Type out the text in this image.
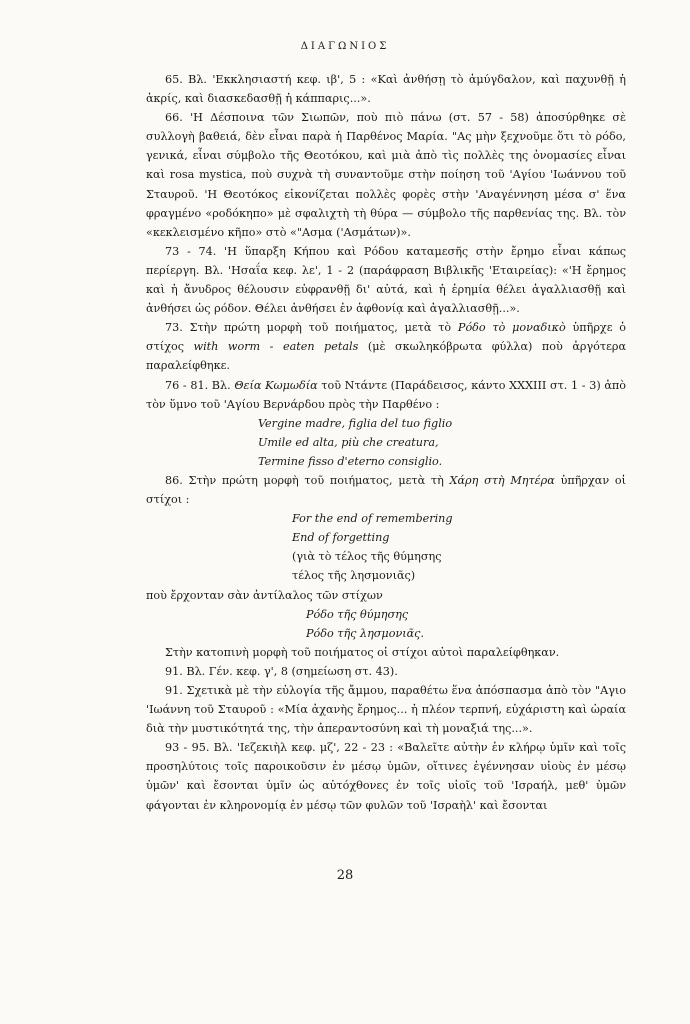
ΔΙΑΓΩΝΙΟΣ

65. Βλ. 'Εκκλησιαστή κεφ. ιβ', 5 : «Καὶ ἀνθήσῃ τὸ ἀμύγδαλον, καὶ παχυνθῇ ἡ ἀκρίς, καὶ διασκεδασθῇ ἡ κάππαρις...».

66. 'Η Δέσποινα τῶν Σιωπῶν, ποὺ πιὸ πάνω (στ. 57 - 58) ἀποσύρθηκε σὲ συλλογὴ βαθειά, δὲν εἶναι παρὰ ἡ Παρθένος Μαρία. "Ας μὴν ξεχνοῦμε ὅτι τὸ ρόδο, γενικά, εἶναι σύμβολο τῆς Θεοτόκου, καὶ μιὰ ἀπὸ τὶς πολλὲς της ὀνομασίες εἶναι καὶ rosa mystica, ποὺ συχνὰ τὴ συναντοῦμε στὴν ποίηση τοῦ 'Αγίου 'Ιωάννου τοῦ Σταυροῦ. 'Η Θεοτόκος εἰκονίζεται πολλὲς φορὲς στὴν 'Αναγέννηση μέσα σ' ἕνα φραγμένο «ροδόκηπο» μὲ σφαλιχτὴ τὴ θύρα — σύμβολο τῆς παρθενίας της. Βλ. τὸν «κεκλεισμένο κῆπο» στὸ «"Ασμα ('Ασμάτων)».

73 - 74. 'Η ὕπαρξη Κήπου καὶ Ρόδου καταμεσῆς στὴν ἔρημο εἶναι κάπως περίεργη. Βλ. 'Ησαΐα κεφ. λε', 1 - 2 (παράφραση Βιβλικῆς 'Εταιρείας): «'Η ἔρημος καὶ ἡ ἄνυδρος θέλουσιν εὐφρανθῇ δι' αὐτά, καὶ ἡ ἐρημία θέλει ἀγαλλιασθῇ καὶ ἀνθήσει ὡς ρόδον. Θέλει ἀνθήσει ἐν ἀφθονίᾳ καὶ ἀγαλλιασθῇ...».

73. Στὴν πρώτη μορφὴ τοῦ ποιήματος, μετὰ τὸ Ρόδο τὸ μοναδικὸ ὑπῆρχε ὁ στίχος with worm - eaten petals (μὲ σκωληκόβρωτα φύλλα) ποὺ ἀργότερα παραλείφθηκε.

76 - 81. Βλ. Θεία Κωμωδία τοῦ Ντάντε (Παράδεισος, κάντο XXXIII στ. 1 - 3) ἀπὸ τὸν ὕμνο τοῦ 'Αγίου Βερνάρδου πρὸς τὴν Παρθένο :

Vergine madre, figlia del tuo figlio

Umile ed alta, più che creatura,

Termine fisso d'eterno consiglio.

86. Στὴν πρώτη μορφὴ τοῦ ποιήματος, μετὰ τὴ Χάρη στὴ Μητέρα ὑπῆρχαν οἱ στίχοι :

For the end of remembering

End of forgetting

(γιὰ τὸ τέλος τῆς θύμησης

τέλος τῆς λησμονιᾶς)

ποὺ ἔρχονταν σὰν ἀντίλαλος τῶν στίχων

Ρόδο τῆς θύμησης

Ρόδο τῆς λησμονιᾶς.

Στὴν κατοπινὴ μορφὴ τοῦ ποιήματος οἱ στίχοι αὐτοὶ παραλείφθηκαν.

91. Βλ. Γέν. κεφ. γ', 8 (σημείωση στ. 43).

91. Σχετικὰ μὲ τὴν εὐλογία τῆς ἄμμου, παραθέτω ἕνα ἀπόσπασμα ἀπὸ τὸν "Αγιο 'Ιωάννη τοῦ Σταυροῦ : «Μία ἀχανὴς ἔρημος... ἡ πλέον τερπνή, εὐχάριστη καὶ ὡραία διὰ τὴν μυστικότητά της, τὴν ἀπεραντοσύνη καὶ τὴ μοναξιά της...».

93 - 95. Βλ. 'Ιεζεκιὴλ κεφ. μζ', 22 - 23 : «Βαλεῖτε αὐτὴν ἐν κλήρῳ ὑμῖν καὶ τοῖς προσηλύτοις τοῖς παροικοῦσιν ἐν μέσῳ ὑμῶν, οἵτινες ἐγέννησαν υἱοὺς ἐν μέσῳ ὑμῶν' καὶ ἔσονται ὑμῖν ὡς αὐτόχθονες ἐν τοῖς υἱοῖς τοῦ 'Ισραήλ, μεθ' ὑμῶν φάγονται ἐν κληρονομίᾳ ἐν μέσῳ τῶν φυλῶν τοῦ 'Ισραὴλ' καὶ ἔσονται

28
